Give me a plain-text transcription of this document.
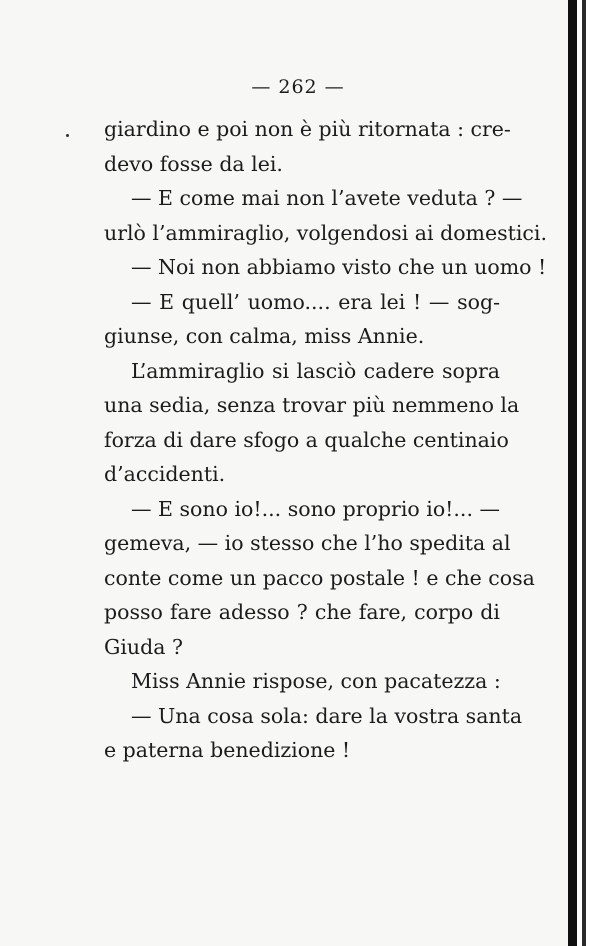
— 262 —
giardino e poi non è più ritornata : cre-
devo fosse da lei.
— E come mai non l’avete veduta ? —
urlò l’ammiraglio, volgendosi ai domestici.
— Noi non abbiamo visto che un uomo !
— E quell’ uomo.... era lei ! — sog-
giunse, con calma, miss Annie.
L’ammiraglio si lasciò cadere sopra
una sedia, senza trovar più nemmeno la
forza di dare sfogo a qualche centinaio
d’accidenti.
— E sono io!... sono proprio io!... —
gemeva, — io stesso che l’ho spedita al
conte come un pacco postale ! e che cosa
posso fare adesso ? che fare, corpo di
Giuda ?
Miss Annie rispose, con pacatezza :
— Una cosa sola: dare la vostra santa
e paterna benedizione !
